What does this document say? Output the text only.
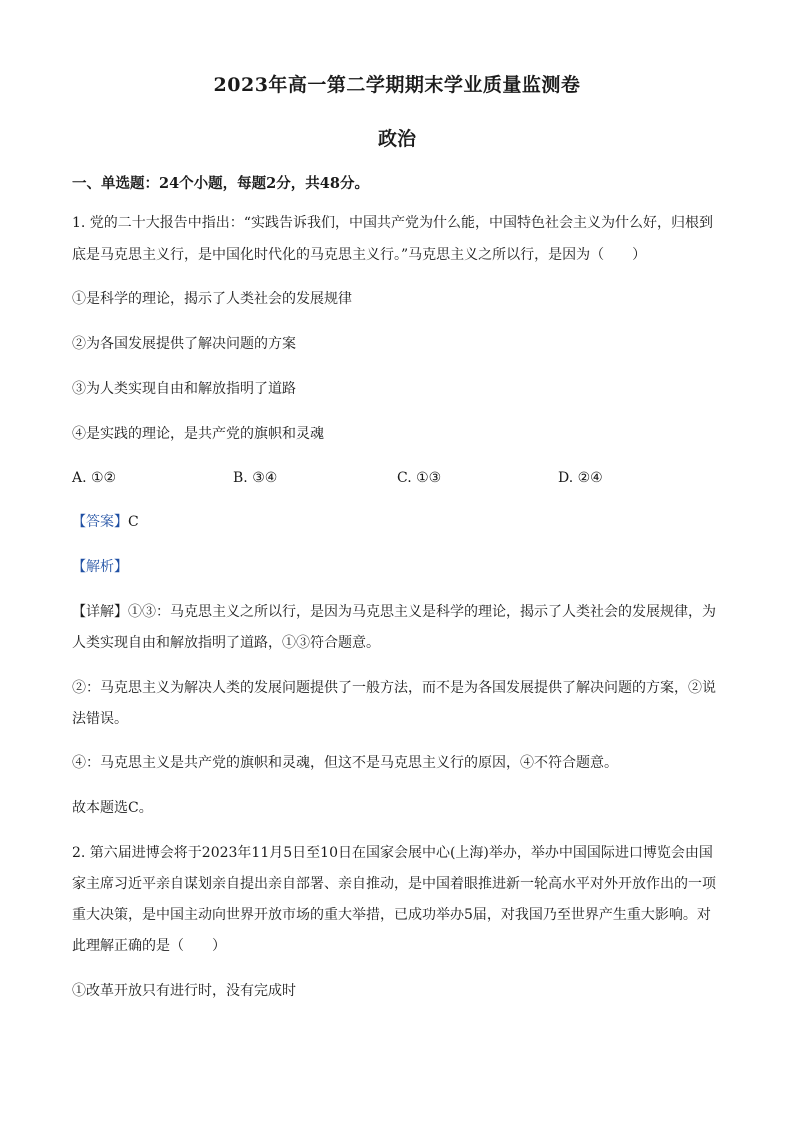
2023年高一第二学期期末学业质量监测卷
政治
一、单选题：24个小题，每题2分，共48分。
1. 党的二十大报告中指出：“实践告诉我们，中国共产党为什么能，中国特色社会主义为什么好，归根到
底是马克思主义行，是中国化时代化的马克思主义行。”马克思主义之所以行，是因为（　　）
①是科学的理论，揭示了人类社会的发展规律
②为各国发展提供了解决问题的方案
③为人类实现自由和解放指明了道路
④是实践的理论，是共产党的旗帜和灵魂
A. ①②	B. ③④	C. ①③	D. ②④
【答案】C
【解析】
【详解】①③：马克思主义之所以行，是因为马克思主义是科学的理论，揭示了人类社会的发展规律，为
人类实现自由和解放指明了道路，①③符合题意。
②：马克思主义为解决人类的发展问题提供了一般方法，而不是为各国发展提供了解决问题的方案，②说
法错误。
④：马克思主义是共产党的旗帜和灵魂，但这不是马克思主义行的原因，④不符合题意。
故本题选C。
2. 第六届进博会将于2023年11月5日至10日在国家会展中心(上海)举办，举办中国国际进口博览会由国
家主席习近平亲自谋划亲自提出亲自部署、亲自推动，是中国着眼推进新一轮高水平对外开放作出的一项
重大决策，是中国主动向世界开放市场的重大举措，已成功举办5届，对我国乃至世界产生重大影响。对
此理解正确的是（　　）
①改革开放只有进行时，没有完成时
